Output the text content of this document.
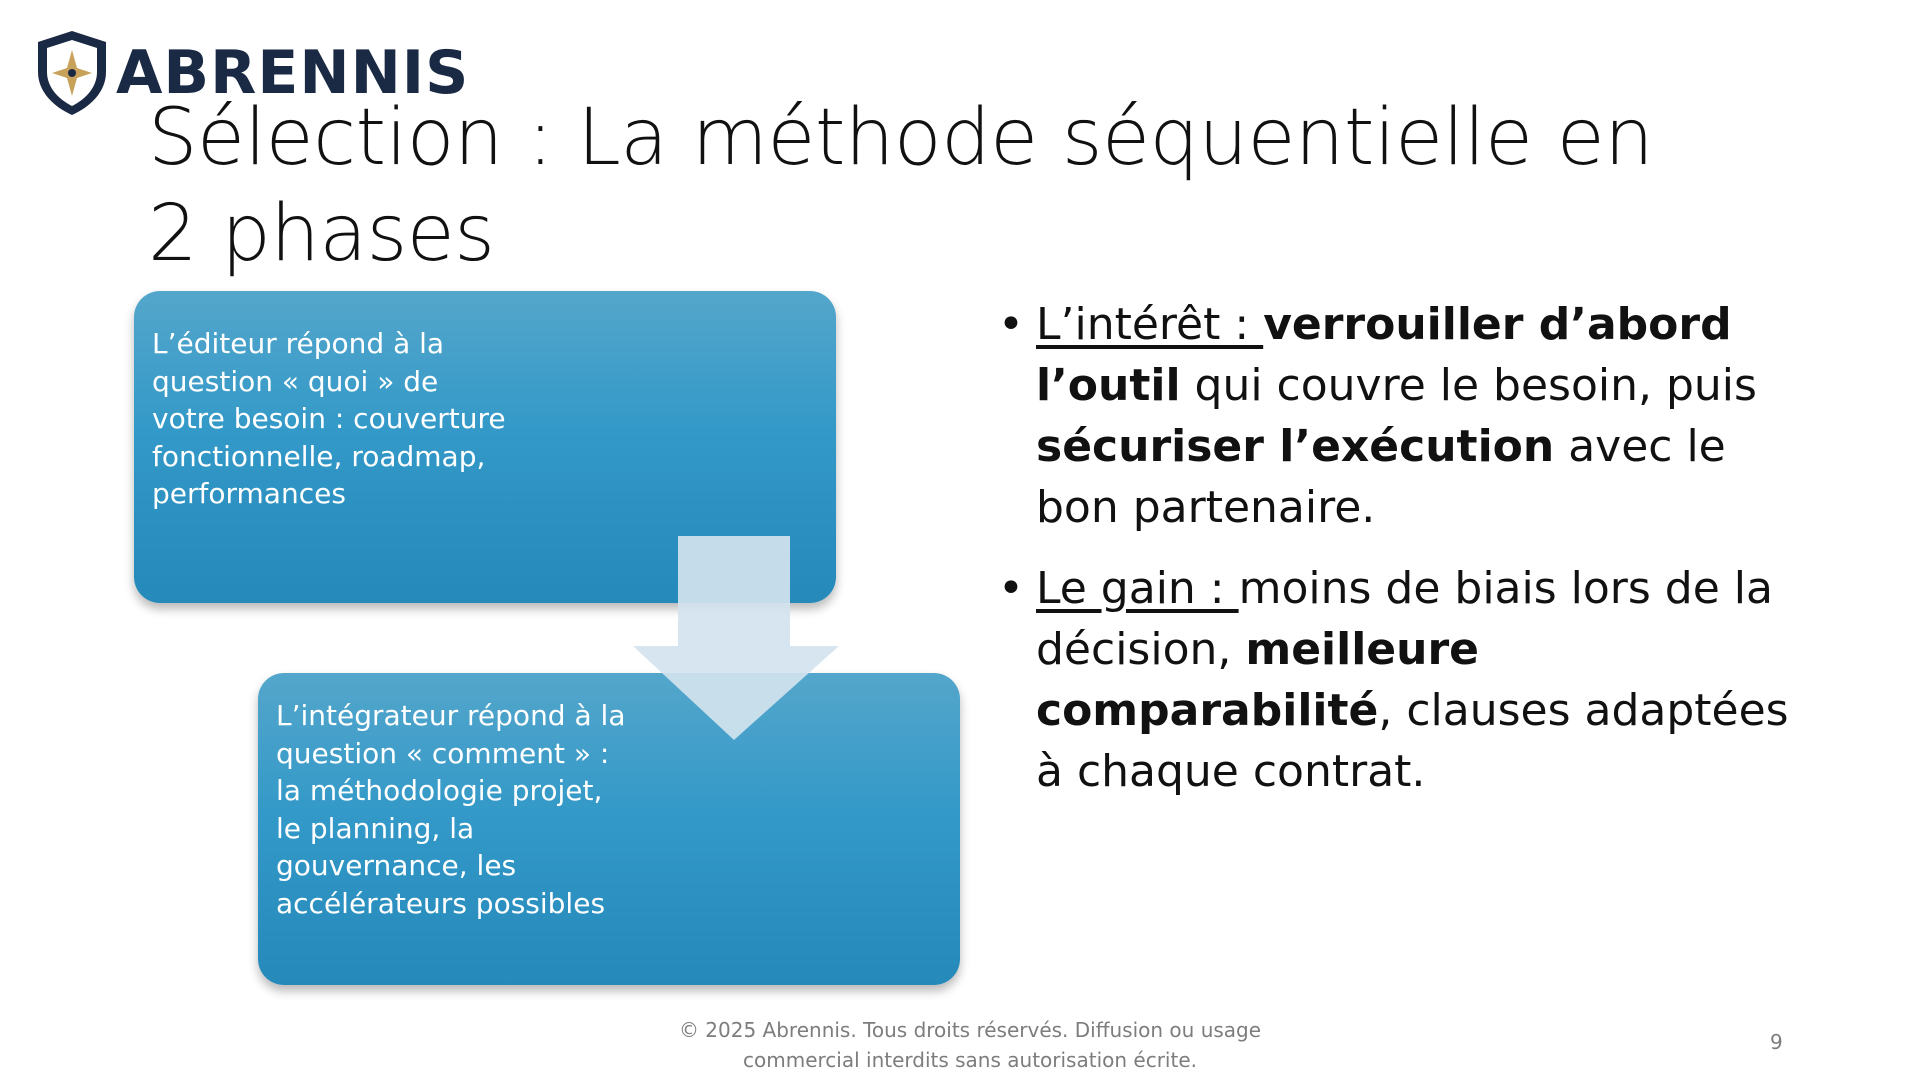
ABRENNIS
Sélection : La méthode séquentielle en 2 phases
L’éditeur répond à la question « quoi » de votre besoin : couverture fonctionnelle, roadmap, performances
L’intégrateur répond à la question « comment » : la méthodologie projet, le planning, la gouvernance, les accélérateurs possibles
• L’intérêt : verrouiller d’abord l’outil qui couvre le besoin, puis sécuriser l’exécution avec le bon partenaire.
• Le gain : moins de biais lors de la décision, meilleure comparabilité, clauses adaptées à chaque contrat.
© 2025 Abrennis. Tous droits réservés. Diffusion ou usage
commercial interdits sans autorisation écrite.
9
